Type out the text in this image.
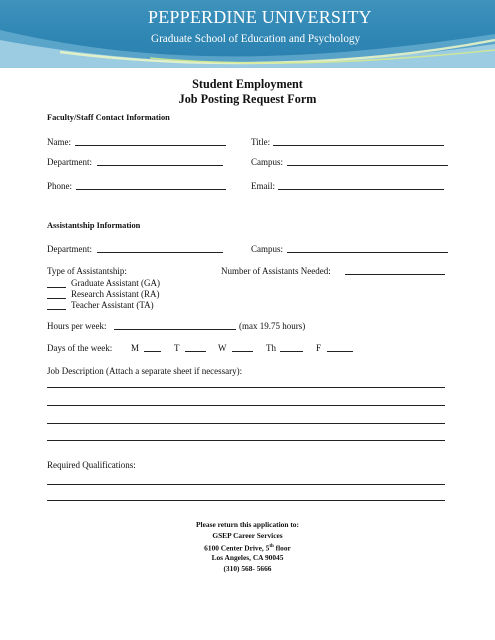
PEPPERDINE UNIVERSITY
Graduate School of Education and Psychology
Student Employment
Job Posting Request Form
Faculty/Staff Contact Information
Name:	Title:
Department:	Campus:
Phone:	Email:
Assistantship Information
Department:	Campus:
Type of Assistantship:	Number of Assistants Needed:
Graduate Assistant (GA)
Research Assistant (RA)
Teacher Assistant (TA)
Hours per week:	(max 19.75 hours)
Days of the week: M	T	W	Th	F
Job Description (Attach a separate sheet if necessary):
Required Qualifications:
Please return this application to:
GSEP Career Services
6100 Center Drive, 5th floor
Los Angeles, CA 90045
(310) 568- 5666
